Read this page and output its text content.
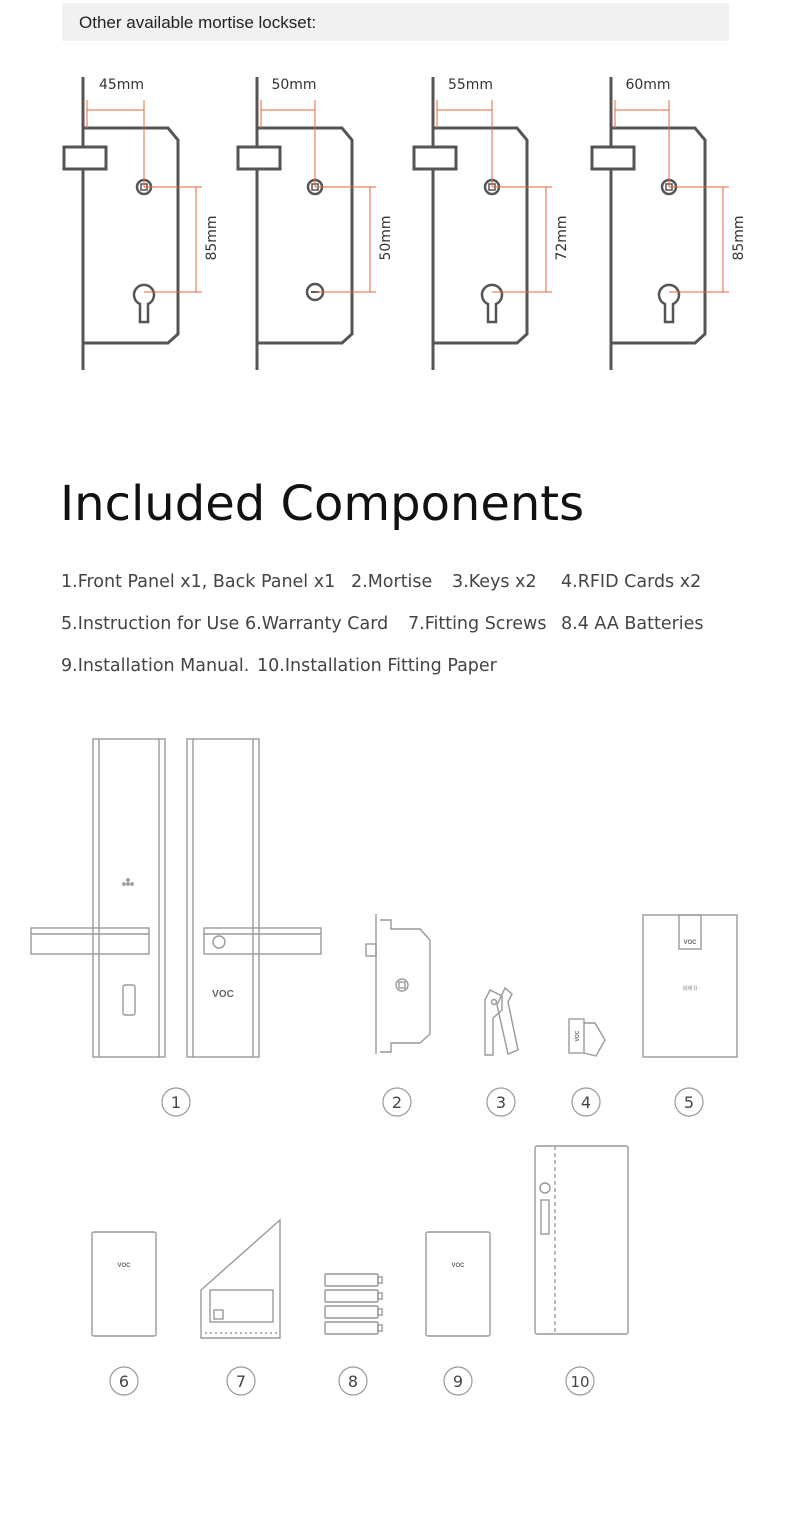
Other available mortise lockset:
45mm
85mm
50mm
50mm
55mm
72mm
60mm
85mm
Included Components
1.Front Panel x1, Back Panel x1 2.Mortise 3.Keys x2 4.RFID Cards x2
5.Instruction for Use 6.Warranty Card 7.Fitting Screws 8.4 AA Batteries
9.Installation Manual. 10.Installation Fitting Paper
VOC
VOC
说明书
VOC	VOC
VOC
1	2	3	4	5
6	7	8	9	10
